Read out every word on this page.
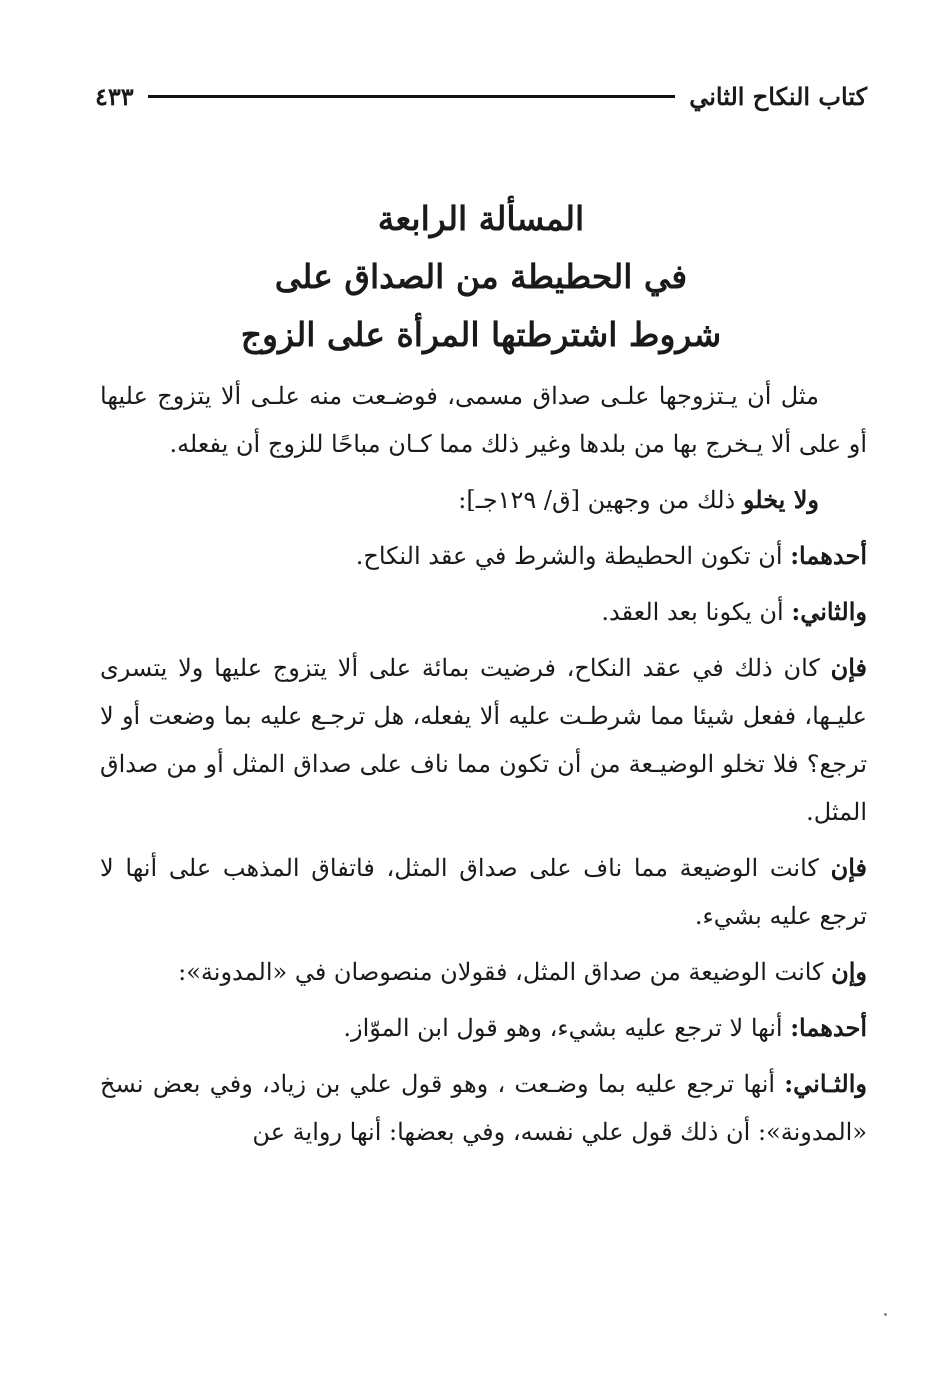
كتاب النكاح الثاني
٤٣٣
المسألة الرابعة
في الحطيطة من الصداق على
شروط اشترطتها المرأة على الزوج

مثل أن يـتزوجها علـى صداق مسمى، فوضـعت منه علـى ألا يتزوج عليها أو على ألا يـخرج بها من بلدها وغير ذلك مما كـان مباحًا للزوج أن يفعله.

ولا يخلو ذلك من وجهين [ق/ ١٢٩جـ]:

أحدهما: أن تكون الحطيطة والشرط في عقد النكاح.

والثاني: أن يكونا بعد العقد.

فإن كان ذلك في عقد النكاح، فرضيت بمائة على ألا يتزوج عليها ولا يتسرى عليـها، ففعل شيئا مما شرطـت عليه ألا يفعله، هل ترجـع عليه بما وضعت أو لا ترجع؟ فلا تخلو الوضيـعة من أن تكون مما ناف على صداق المثل أو من صداق المثل.

فإن كانت الوضيعة مما ناف على صداق المثل، فاتفاق المذهب على أنها لا ترجع عليه بشيء.

وإن كانت الوضيعة من صداق المثل، فقولان منصوصان في «المدونة»:

أحدهما: أنها لا ترجع عليه بشيء، وهو قول ابن الموّاز.

والثـاني: أنها ترجع عليه بما وضـعت ، وهو قول علي بن زياد، وفي بعض نسخ «المدونة»: أن ذلك قول علي نفسه، وفي بعضها: أنها رواية عن
